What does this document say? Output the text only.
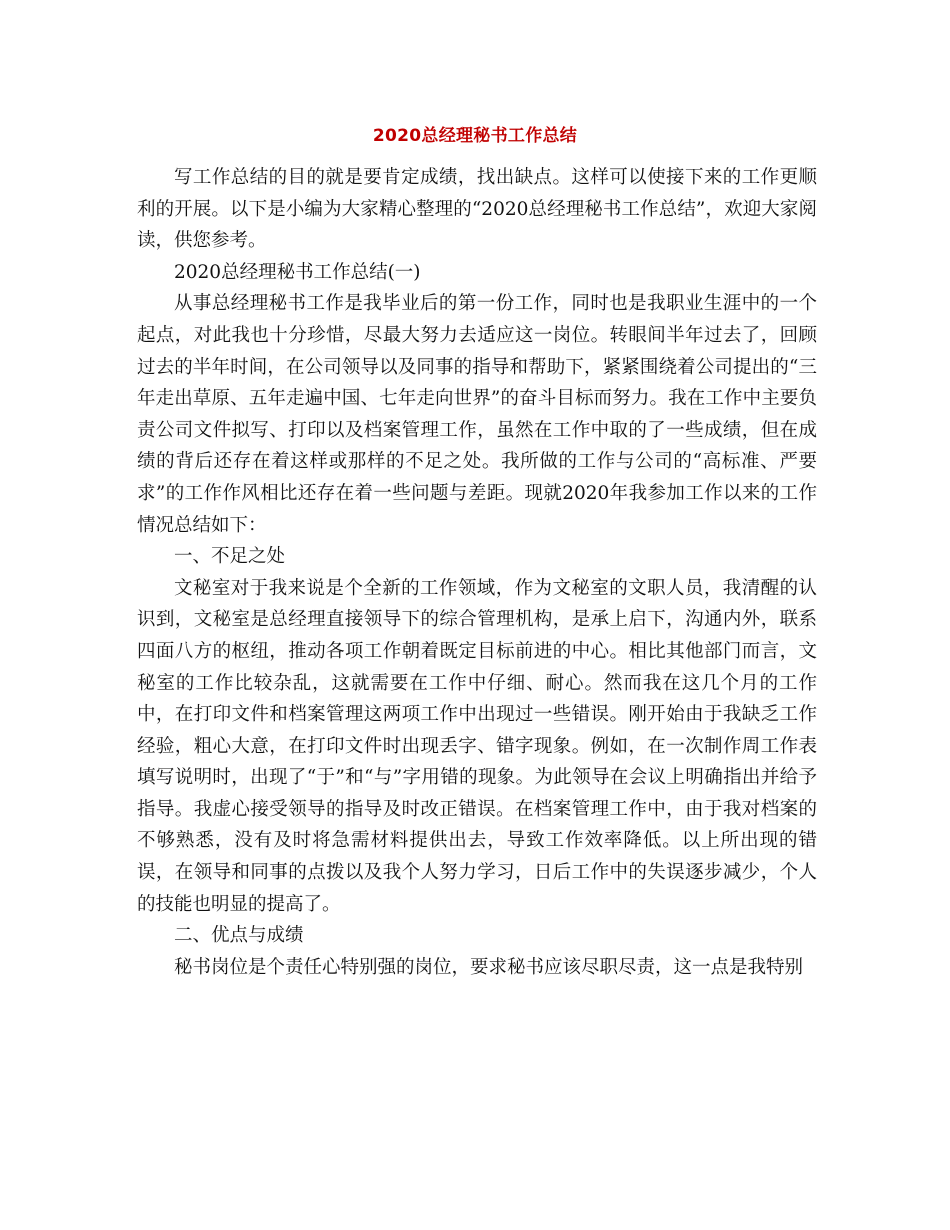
2020总经理秘书工作总结

写工作总结的目的就是要肯定成绩，找出缺点。这样可以使接下来的工作更顺利的开展。以下是小编为大家精心整理的“2020总经理秘书工作总结”，欢迎大家阅读，供您参考。

2020总经理秘书工作总结(一)

从事总经理秘书工作是我毕业后的第一份工作，同时也是我职业生涯中的一个起点，对此我也十分珍惜，尽最大努力去适应这一岗位。转眼间半年过去了，回顾过去的半年时间，在公司领导以及同事的指导和帮助下，紧紧围绕着公司提出的“三年走出草原、五年走遍中国、七年走向世界”的奋斗目标而努力。我在工作中主要负责公司文件拟写、打印以及档案管理工作，虽然在工作中取的了一些成绩，但在成绩的背后还存在着这样或那样的不足之处。我所做的工作与公司的“高标准、严要求”的工作作风相比还存在着一些问题与差距。现就2020年我参加工作以来的工作情况总结如下：

一、不足之处

文秘室对于我来说是个全新的工作领域，作为文秘室的文职人员，我清醒的认识到，文秘室是总经理直接领导下的综合管理机构，是承上启下，沟通内外，联系四面八方的枢纽，推动各项工作朝着既定目标前进的中心。相比其他部门而言，文秘室的工作比较杂乱，这就需要在工作中仔细、耐心。然而我在这几个月的工作中，在打印文件和档案管理这两项工作中出现过一些错误。刚开始由于我缺乏工作经验，粗心大意，在打印文件时出现丢字、错字现象。例如，在一次制作周工作表填写说明时，出现了“于”和“与”字用错的现象。为此领导在会议上明确指出并给予指导。我虚心接受领导的指导及时改正错误。在档案管理工作中，由于我对档案的不够熟悉，没有及时将急需材料提供出去，导致工作效率降低。以上所出现的错误，在领导和同事的点拨以及我个人努力学习，日后工作中的失误逐步减少，个人的技能也明显的提高了。

二、优点与成绩

秘书岗位是个责任心特别强的岗位，要求秘书应该尽职尽责，这一点是我特别
